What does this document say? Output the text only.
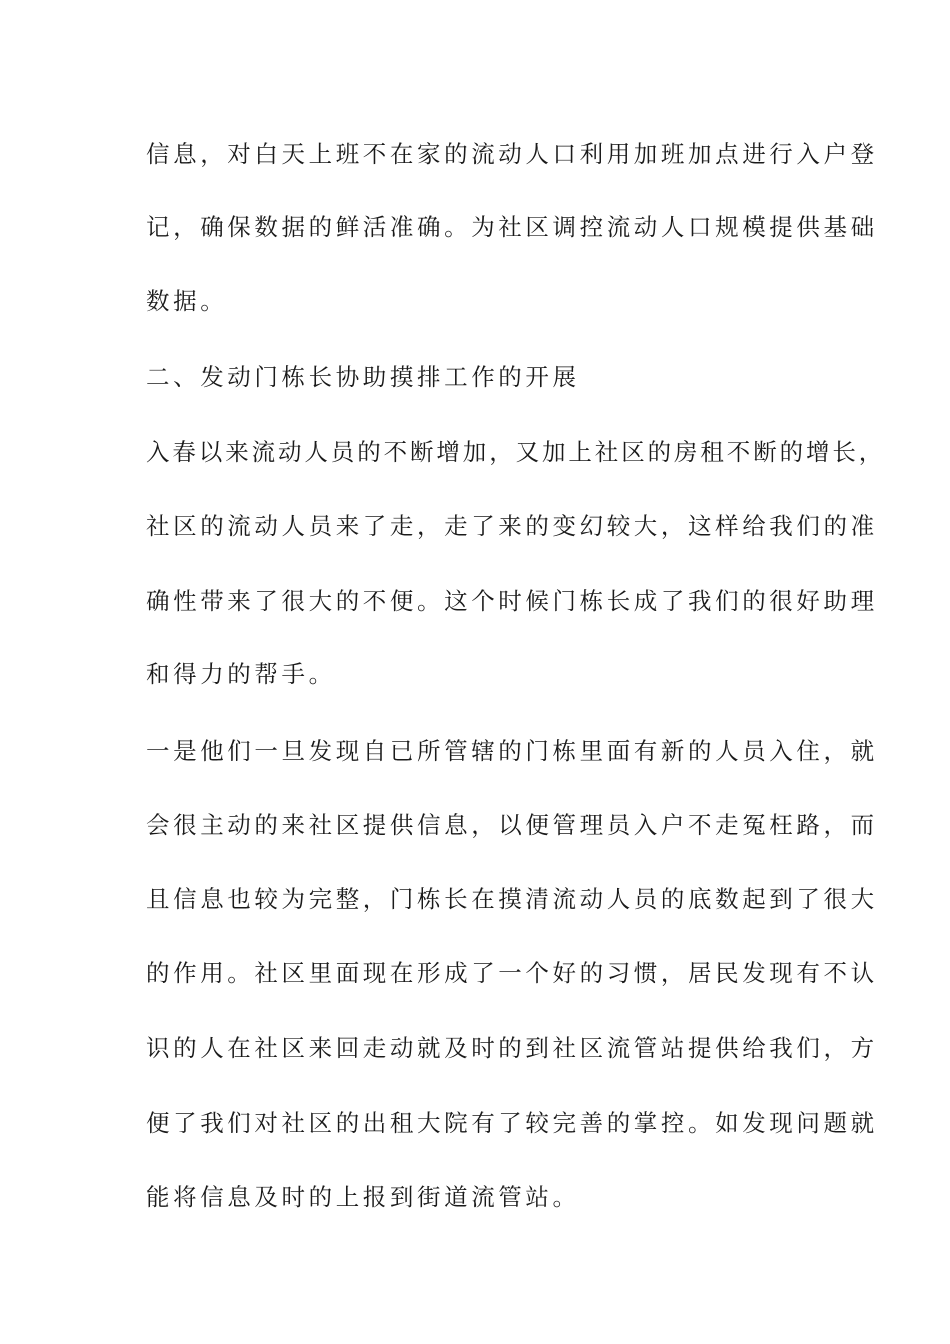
信息，对白天上班不在家的流动人口利用加班加点进行入户登
记，确保数据的鲜活准确。为社区调控流动人口规模提供基础
数据。
二、发动门栋长协助摸排工作的开展
入春以来流动人员的不断增加，又加上社区的房租不断的增长，
社区的流动人员来了走，走了来的变幻较大，这样给我们的准
确性带来了很大的不便。这个时候门栋长成了我们的很好助理
和得力的帮手。
一是他们一旦发现自已所管辖的门栋里面有新的人员入住，就
会很主动的来社区提供信息，以便管理员入户不走冤枉路，而
且信息也较为完整，门栋长在摸清流动人员的底数起到了很大
的作用。社区里面现在形成了一个好的习惯，居民发现有不认
识的人在社区来回走动就及时的到社区流管站提供给我们，方
便了我们对社区的出租大院有了较完善的掌控。如发现问题就
能将信息及时的上报到街道流管站。
